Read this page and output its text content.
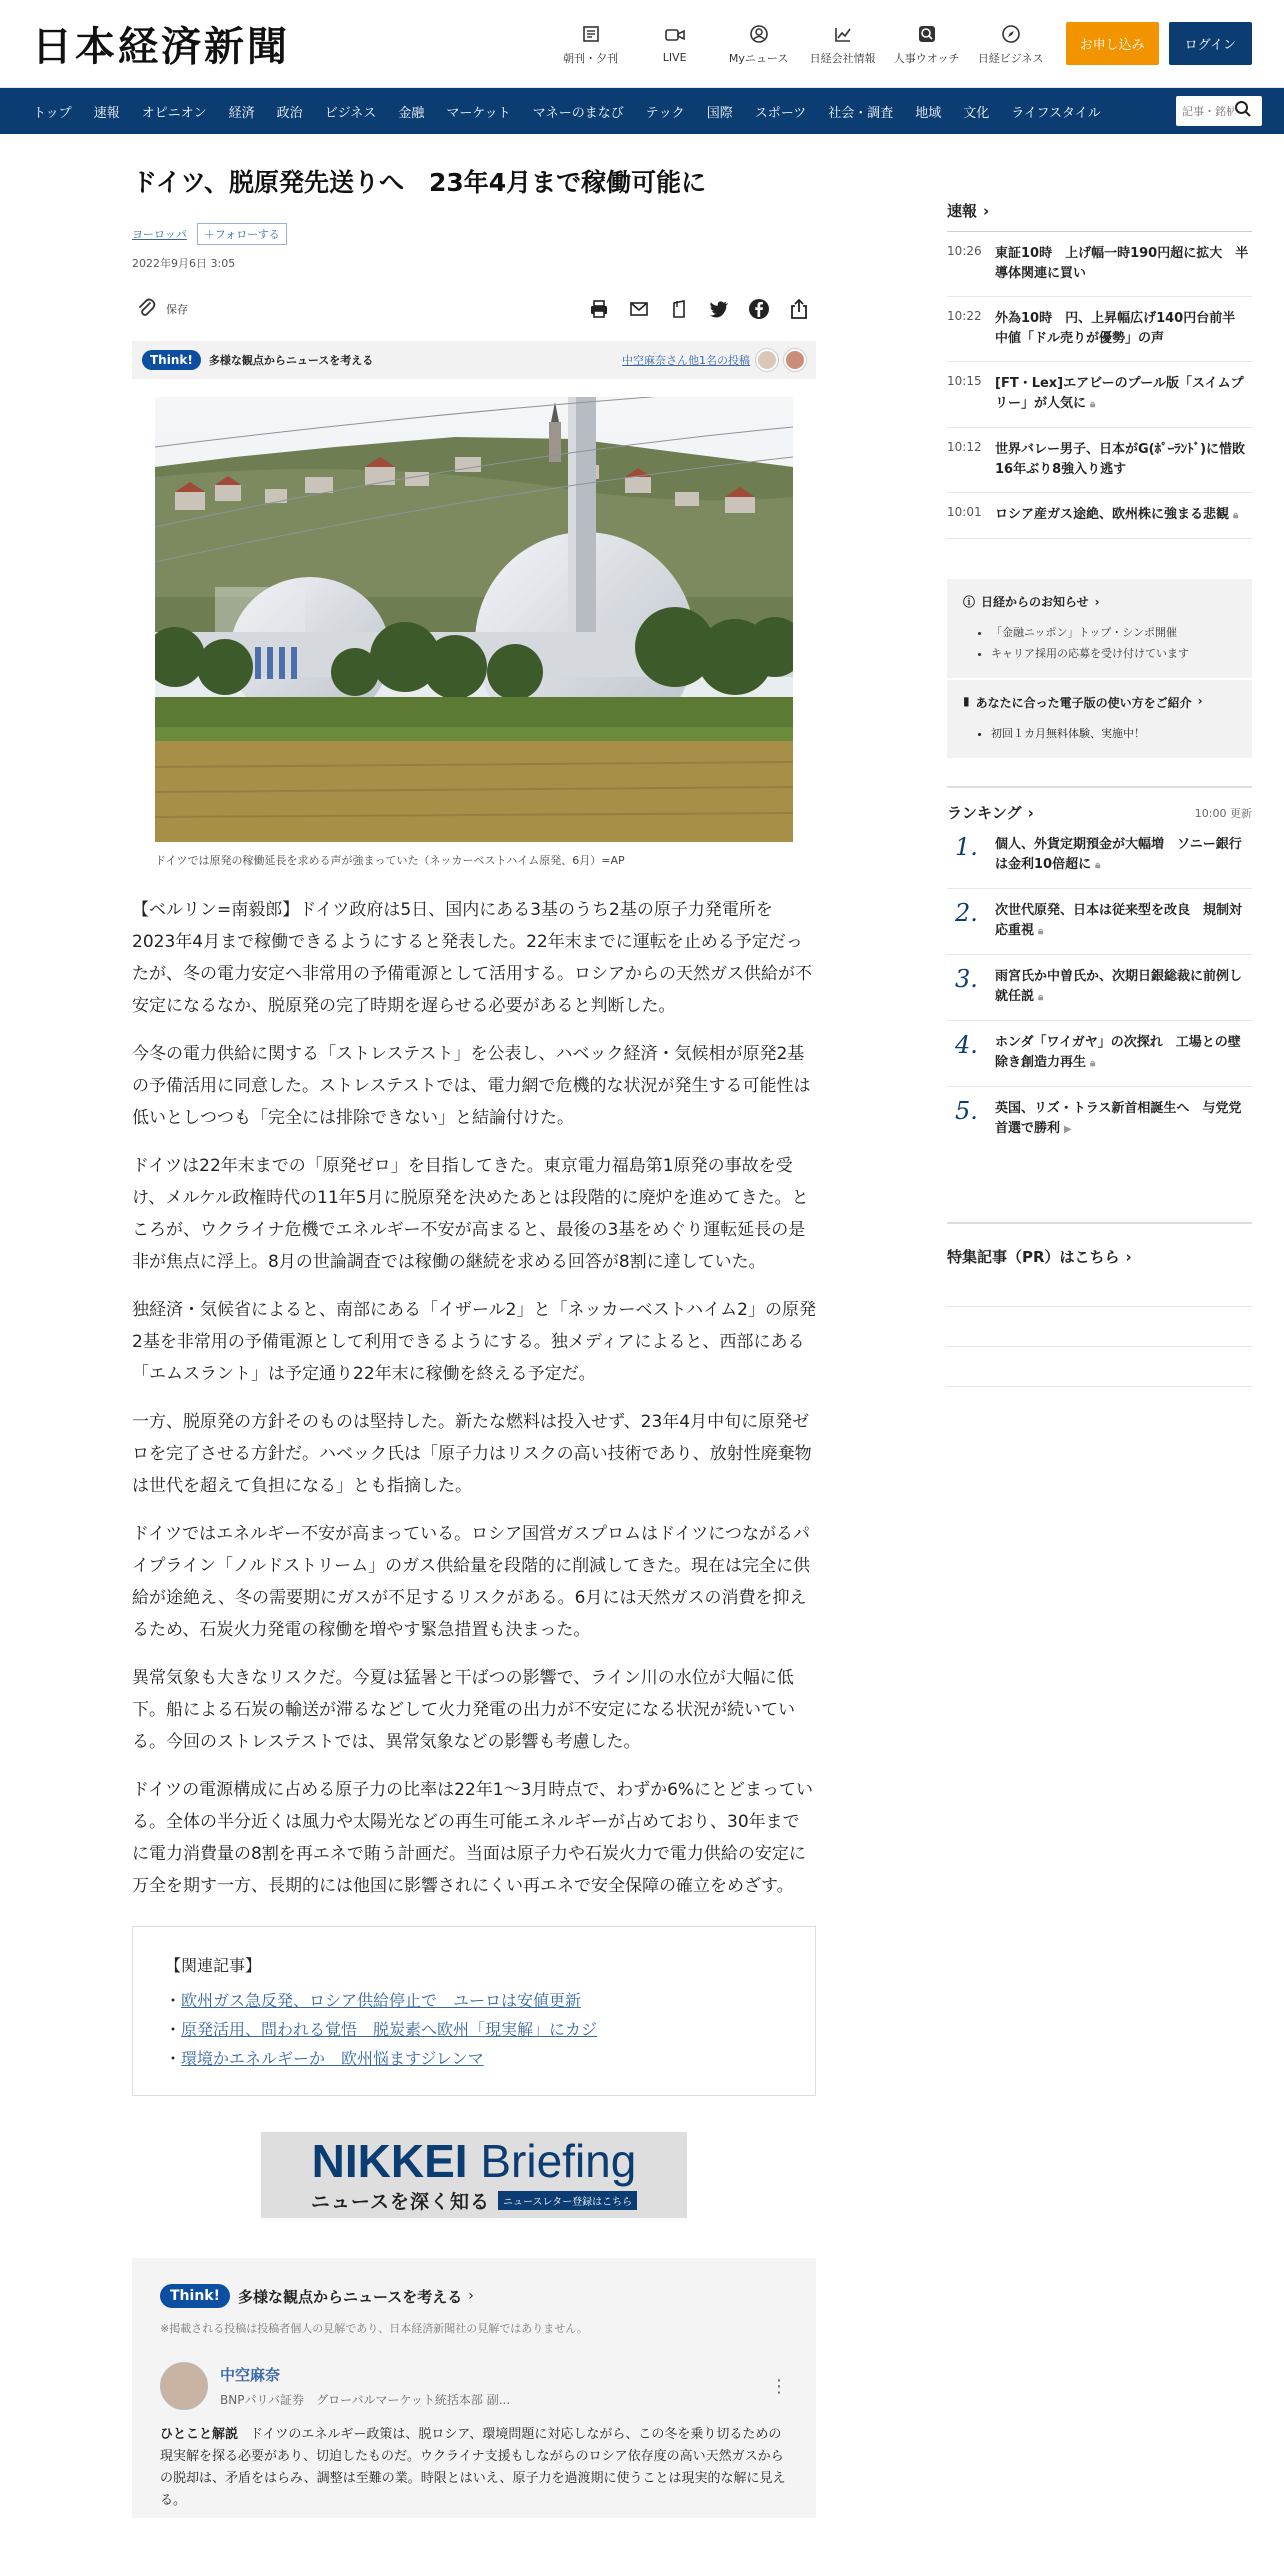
日本経済新聞	朝刊・夕刊	LIVE	Myニュース 日経会社情報 人事ウオッチ 日経ビジネス
お申し込み	ログイン
トップ	速報	オピニオン	経済	政治	ビジネス	金融	マーケット	マネーのまなび	テック	国際	スポーツ	社会・調査	地域	文化	ライフスタイル
記事・銘柄
ドイツ、脱原発先送りへ　23年4月まで稼働可能に
ヨーロッパ	＋フォローする
2022年9月6日 3:05
保存
Think!	多様な観点からニュースを考える	中空麻奈さん他1名の投稿
ドイツでは原発の稼働延長を求める声が強まっていた（ネッカーベストハイム原発、6月）=AP

【ベルリン=南毅郎】ドイツ政府は5日、国内にある3基のうち2基の原子力発電所を2023年4月まで稼働できるようにすると発表した。22年末までに運転を止める予定だったが、冬の電力安定へ非常用の予備電源として活用する。ロシアからの天然ガス供給が不安定になるなか、脱原発の完了時期を遅らせる必要があると判断した。

今冬の電力供給に関する「ストレステスト」を公表し、ハベック経済・気候相が原発2基の予備活用に同意した。ストレステストでは、電力網で危機的な状況が発生する可能性は低いとしつつも「完全には排除できない」と結論付けた。

ドイツは22年末までの「原発ゼロ」を目指してきた。東京電力福島第1原発の事故を受け、メルケル政権時代の11年5月に脱原発を決めたあとは段階的に廃炉を進めてきた。ところが、ウクライナ危機でエネルギー不安が高まると、最後の3基をめぐり運転延長の是非が焦点に浮上。8月の世論調査では稼働の継続を求める回答が8割に達していた。

独経済・気候省によると、南部にある「イザール2」と「ネッカーベストハイム2」の原発2基を非常用の予備電源として利用できるようにする。独メディアによると、西部にある「エムスラント」は予定通り22年末に稼働を終える予定だ。

一方、脱原発の方針そのものは堅持した。新たな燃料は投入せず、23年4月中旬に原発ゼロを完了させる方針だ。ハベック氏は「原子力はリスクの高い技術であり、放射性廃棄物は世代を超えて負担になる」とも指摘した。

ドイツではエネルギー不安が高まっている。ロシア国営ガスプロムはドイツにつながるパイプライン「ノルドストリーム」のガス供給量を段階的に削減してきた。現在は完全に供給が途絶え、冬の需要期にガスが不足するリスクがある。6月には天然ガスの消費を抑えるため、石炭火力発電の稼働を増やす緊急措置も決まった。

異常気象も大きなリスクだ。今夏は猛暑と干ばつの影響で、ライン川の水位が大幅に低下。船による石炭の輸送が滞るなどして火力発電の出力が不安定になる状況が続いている。今回のストレステストでは、異常気象などの影響も考慮した。

ドイツの電源構成に占める原子力の比率は22年1～3月時点で、わずか6%にとどまっている。全体の半分近くは風力や太陽光などの再生可能エネルギーが占めており、30年までに電力消費量の8割を再エネで賄う計画だ。当面は原子力や石炭火力で電力供給の安定に万全を期す一方、長期的には他国に影響されにくい再エネで安全保障の確立をめざす。

【関連記事】
・欧州ガス急反発、ロシア供給停止で　ユーロは安値更新
・原発活用、問われる覚悟　脱炭素へ欧州「現実解」にカジ
・環境かエネルギーか　欧州悩ますジレンマ
NIKKEI Briefing
ニュースを深く知る	ニュースレター登録はこちら
Think!	多様な観点からニュースを考える ›
※掲載される投稿は投稿者個人の見解であり、日本経済新聞社の見解ではありません。
中空麻奈
BNPパリバ証券　グローバルマーケット統括本部 副...
⋮
ひとこと解説 ドイツのエネルギー政策は、脱ロシア、環境問題に対応しながら、この冬を乗り切るための現実解を探る必要があり、切迫したものだ。ウクライナ支援もしながらのロシア依存度の高い天然ガスからの脱却は、矛盾をはらみ、調整は至難の業。時限とはいえ、原子力を過渡期に使うことは現実的な解に見える。
速報 ›
10:26	東証10時　上げ幅一時190円超に拡大　半導体関連に買い
10:22	外為10時　円、上昇幅広げ140円台前半　中値「ドル売りが優勢」の声
10:15	[FT・Lex]エアビーのプール版「スイムプリー」が人気に 🔒︎
10:12	世界バレー男子、日本がG(ﾎﾟｰﾗﾝﾄﾞ)に惜敗　16年ぶり8強入り逃す
10:01	ロシア産ガス途絶、欧州株に強まる悲観 🔒︎
ⓘ 日経からのお知らせ ›
• 「金融ニッポン」トップ・シンポ開催
• キャリア採用の応募を受け付けています
▮ あなたに合った電子版の使い方をご紹介 ›
• 初回１カ月無料体験、実施中！
ランキング ›	10:00 更新
1.	個人、外貨定期預金が大幅増　ソニー銀行は金利10倍超に 🔒︎
2.	次世代原発、日本は従来型を改良　規制対応重視 🔒︎
3.	雨宮氏か中曽氏か、次期日銀総裁に前例し就任説 🔒︎
4.	ホンダ「ワイガヤ」の次探れ　工場との壁除き創造力再生 🔒︎
5.	英国、リズ・トラス新首相誕生へ　与党党首選で勝利 ▶
特集記事（PR）はこちら ›
